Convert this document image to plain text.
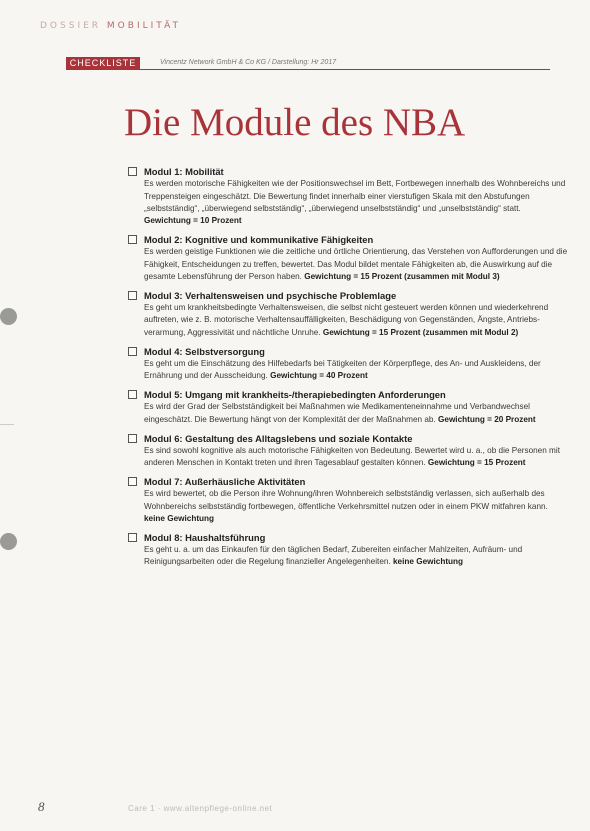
DOSSIER MOBILITÄT
CHECKLISTE	Vincentz Network GmbH & Co KG / Darstellung: Hr 2017
Die Module des NBA
Modul 1: Mobilität
Es werden motorische Fähigkeiten wie der Positionswechsel im Bett, Fortbewegen innerhalb des Wohnbereichs und Treppensteigen eingeschätzt. Die Bewertung findet innerhalb einer vierstufigen Skala mit den Abstufungen „selbstständig“, „überwiegend selbstständig“, „überwiegend unselbstständig“ und „unselbstständig“ statt. Gewichtung = 10 Prozent
Modul 2: Kognitive und kommunikative Fähigkeiten
Es werden geistige Funktionen wie die zeitliche und örtliche Orientierung, das Verstehen von Aufforderungen und die Fähigkeit, Entscheidungen zu treffen, bewertet. Das Modul bildet mentale Fähigkeiten ab, die Auswirkung auf die gesamte Lebensführung der Person haben. Gewichtung = 15 Prozent (zusammen mit Modul 3)
Modul 3: Verhaltensweisen und psychische Problemlage
Es geht um krankheitsbedingte Verhaltensweisen, die selbst nicht gesteuert werden können und wiederkehrend auftreten, wie z. B. motorische Verhaltensauffälligkeiten, Beschädigung von Gegenständen, Ängste, Antriebsverarmung, Aggressivität und nächtliche Unruhe. Gewichtung = 15 Prozent (zusammen mit Modul 2)
Modul 4: Selbstversorgung
Es geht um die Einschätzung des Hilfebedarfs bei Tätigkeiten der Körperpflege, des An- und Auskleidens, der Ernährung und der Ausscheidung. Gewichtung = 40 Prozent
Modul 5: Umgang mit krankheits-/therapiebedingten Anforderungen
Es wird der Grad der Selbstständigkeit bei Maßnahmen wie Medikamenteneinnahme und Verbandwechsel eingeschätzt. Die Bewertung hängt von der Komplexität der der Maßnahmen ab. Gewichtung = 20 Prozent
Modul 6: Gestaltung des Alltagslebens und soziale Kontakte
Es sind sowohl kognitive als auch motorische Fähigkeiten von Bedeutung. Bewertet wird u. a., ob die Personen mit anderen Menschen in Kontakt treten und ihren Tagesablauf gestalten können. Gewichtung = 15 Prozent
Modul 7: Außerhäusliche Aktivitäten
Es wird bewertet, ob die Person ihre Wohnung/ihren Wohnbereich selbstständig verlassen, sich außerhalb des Wohnbereichs selbstständig fortbewegen, öffentliche Verkehrsmittel nutzen oder in einem PKW mitfahren kann. keine Gewichtung
Modul 8: Haushaltsführung
Es geht u. a. um das Einkaufen für den täglichen Bedarf, Zubereiten einfacher Mahlzeiten, Aufräum- und Reinigungsarbeiten oder die Regelung finanzieller Angelegenheiten. keine Gewichtung
8	Care 1 · www.altenpflege-online.net
